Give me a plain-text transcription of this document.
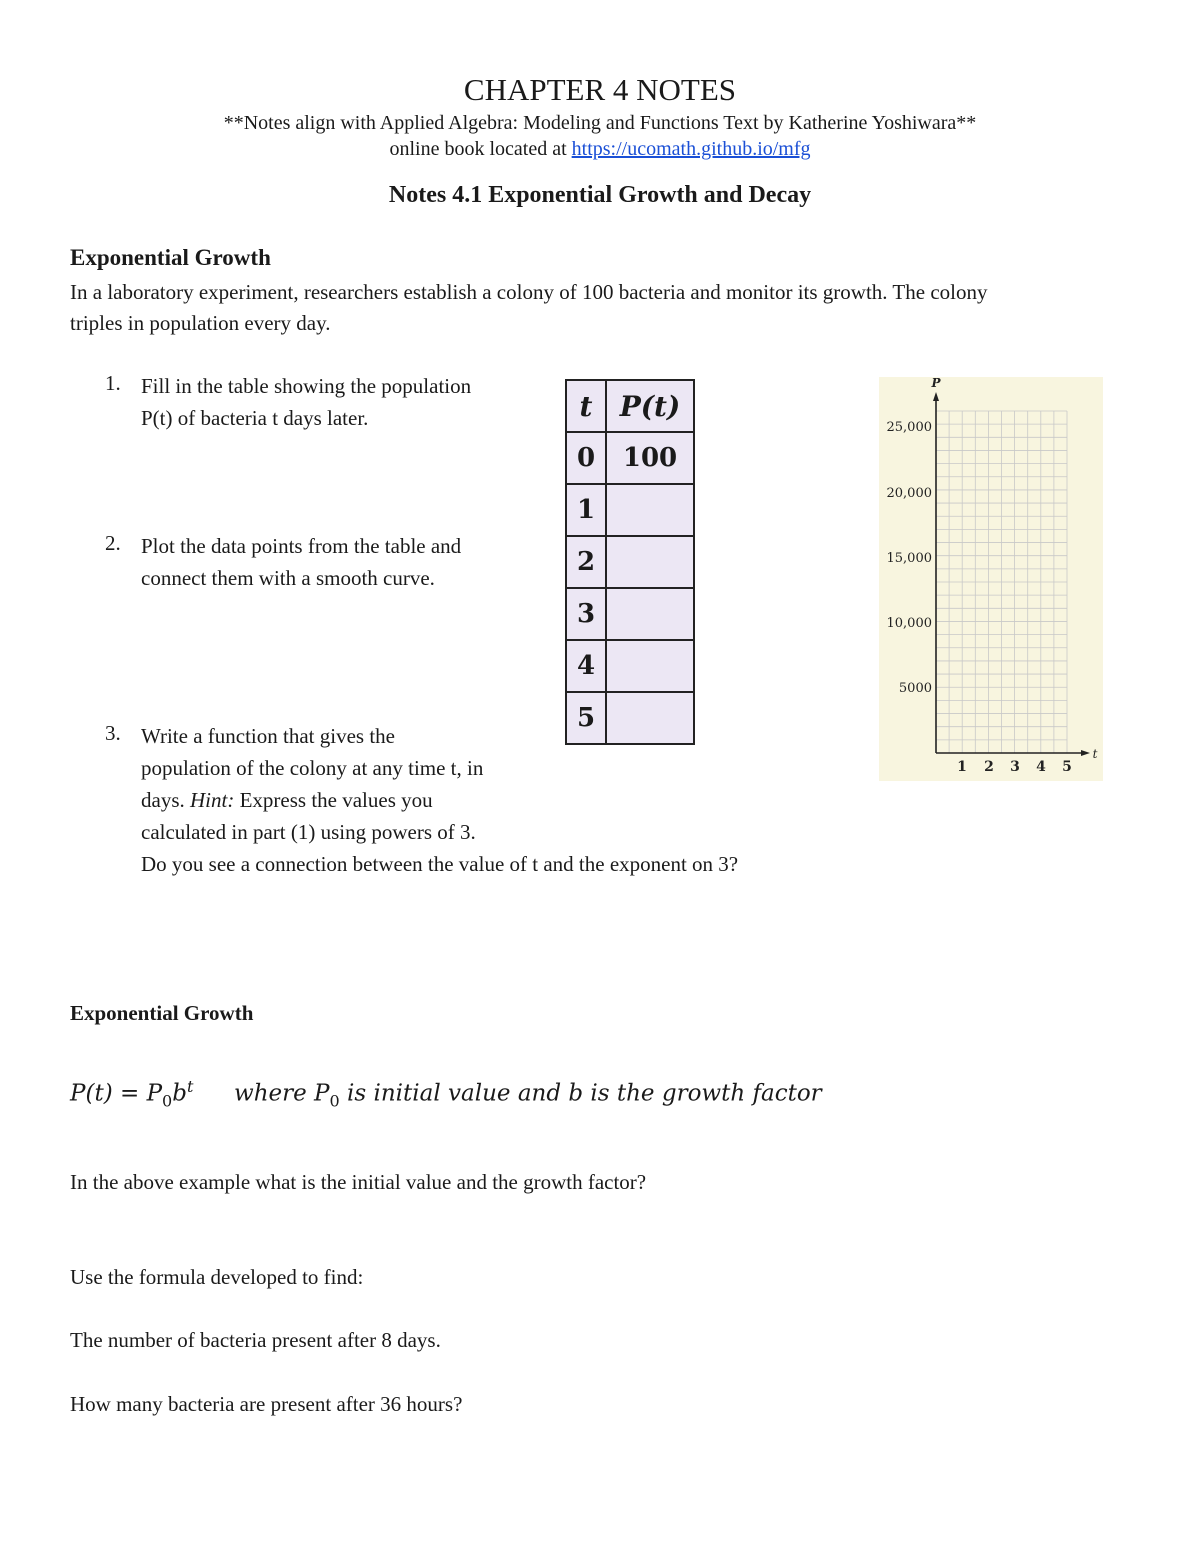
CHAPTER 4 NOTES
**Notes align with Applied Algebra: Modeling and Functions Text by Katherine Yoshiwara**
online book located at https://ucomath.github.io/mfg
Notes 4.1 Exponential Growth and Decay
Exponential Growth
In a laboratory experiment, researchers establish a colony of 100 bacteria and monitor its growth. The colony
triples in population every day.
1. Fill in the table showing the population
P(t) of bacteria t days later.
2. Plot the data points from the table and
connect them with a smooth curve.
3. Write a function that gives the
population of the colony at any time t, in
days. Hint: Express the values you
calculated in part (1) using powers of 3.
Do you see a connection between the value of t and the exponent on 3?
t	P(t)
0	100
1	
2	
3	
4	
5	
P
t
25,000
20,000
15,000
10,000
5000
1 2 3 4 5
Exponential Growth
$P(t) = P_0b^t$ where $P_0$ is initial value and b is the growth factor
In the above example what is the initial value and the growth factor?
Use the formula developed to find:
The number of bacteria present after 8 days.
How many bacteria are present after 36 hours?
